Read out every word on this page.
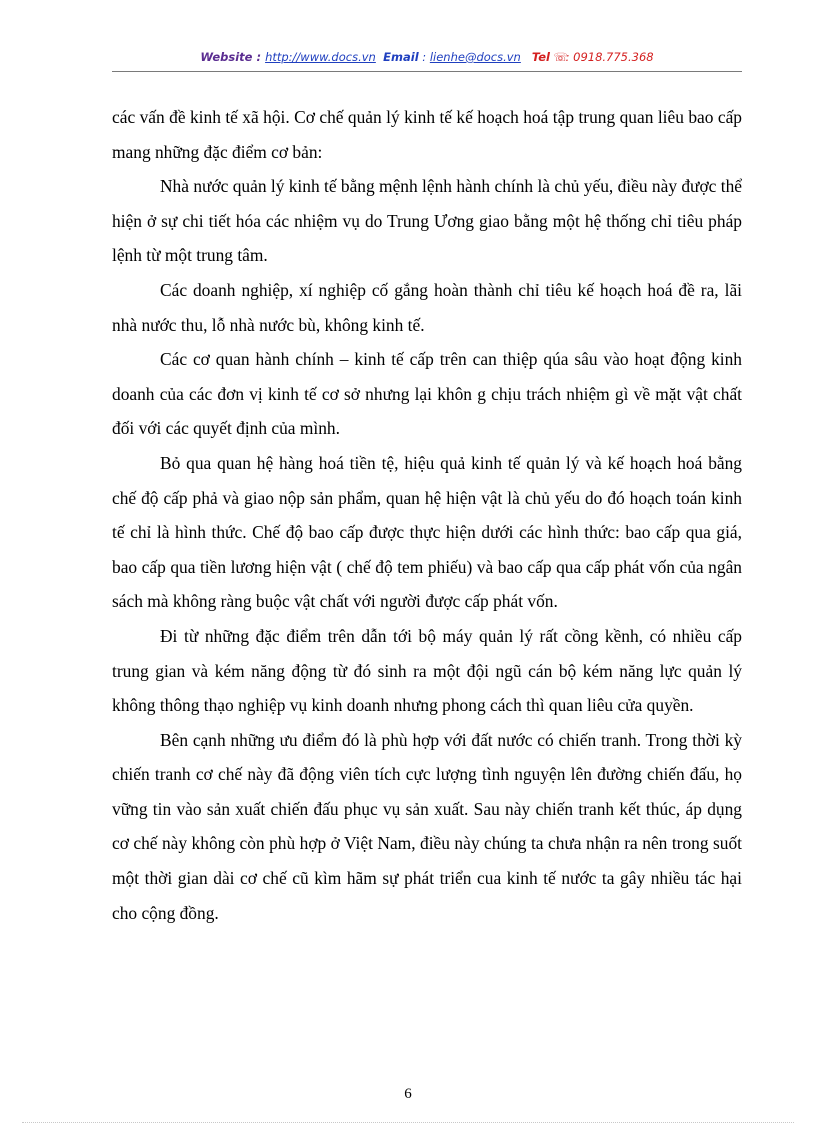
Website : http://www.docs.vn Email : lienhe@docs.vn Tel ☏: 0918.775.368

các vấn đề kinh tế xã hội. Cơ chế quản lý kinh tế kế hoạch hoá tập trung quan liêu bao cấp mang những đặc điểm cơ bản:

Nhà nước quản lý kinh tế bằng mệnh lệnh hành chính là chủ yếu, điều này được thể hiện ở sự chi tiết hóa các nhiệm vụ do Trung Ương giao bằng một hệ thống chỉ tiêu pháp lệnh từ một trung tâm.

Các doanh nghiệp, xí nghiệp cố gắng hoàn thành chỉ tiêu kế hoạch hoá đề ra, lãi nhà nước thu, lỗ nhà nước bù, không kinh tế.

Các cơ quan hành chính – kinh tế cấp trên can thiệp qúa sâu vào hoạt động kinh doanh của các đơn vị kinh tế cơ sở nhưng lại khôn g chịu trách nhiệm gì về mặt vật chất đối với các quyết định của mình.

Bỏ qua quan hệ hàng hoá tiền tệ, hiệu quả kinh tế quản lý và kế hoạch hoá bằng chế độ cấp phả và giao nộp sản phẩm, quan hệ hiện vật là chủ yếu do đó hoạch toán kinh tế chỉ là hình thức. Chế độ bao cấp được thực hiện dưới các hình thức: bao cấp qua giá, bao cấp qua tiền lương hiện vật ( chế độ tem phiếu) và bao cấp qua cấp phát vốn của ngân sách mà không ràng buộc vật chất với người được cấp phát vốn.

Đi từ những đặc điểm trên dẫn tới bộ máy quản lý rất cồng kềnh, có nhiều cấp trung gian và kém năng động từ đó sinh ra một đội ngũ cán bộ kém năng lực quản lý không thông thạo nghiệp vụ kinh doanh nhưng phong cách thì quan liêu cửa quyền.

Bên cạnh những ưu điểm đó là phù hợp với đất nước có chiến tranh. Trong thời kỳ chiến tranh cơ chế này đã động viên tích cực lượng tình nguyện lên đường chiến đấu, họ vững tin vào sản xuất chiến đấu phục vụ sản xuất. Sau này chiến tranh kết thúc, áp dụng cơ chế này không còn phù hợp ở Việt Nam, điều này chúng ta chưa nhận ra nên trong suốt một thời gian dài cơ chế cũ kìm hãm sự phát triển cua kinh tế nước ta gây nhiều tác hại cho cộng đồng.

6
